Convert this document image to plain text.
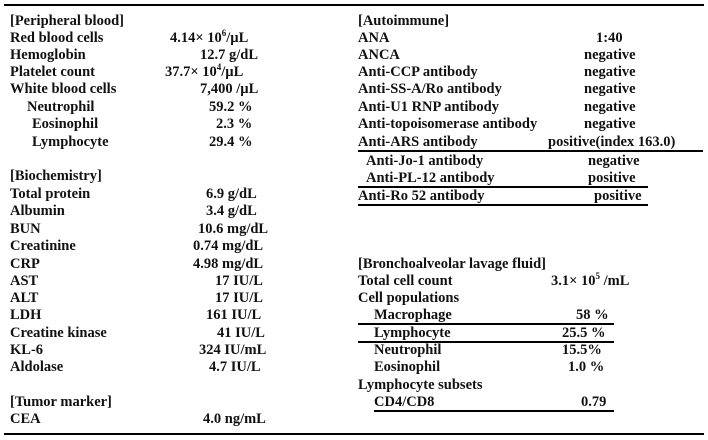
[Peripheral blood]
Red blood cells	$4.14\times 10^6/\mu L$
Hemoglobin	12.7 g/dL
Platelet count	$37.7\times 10^4/\mu L$
White blood cells	7,400 /µL
Neutrophil	59.2 %
Eosinophil	2.3 %
Lymphocyte	29.4 %
[Biochemistry]
Total protein	6.9 g/dL
Albumin	3.4 g/dL
BUN	10.6 mg/dL
Creatinine	0.74 mg/dL
CRP	4.98 mg/dL
AST	17 IU/L
ALT	17 IU/L
LDH	161 IU/L
Creatine kinase	41 IU/L
KL-6	324 IU/mL
Aldolase	4.7 IU/L
[Tumor marker]
CEA	4.0 ng/mL
[Autoimmune]
ANA	1:40
ANCA	negative
Anti-CCP antibody	negative
Anti-SS-A/Ro antibody	negative
Anti-U1 RNP antibody	negative
Anti-topoisomerase antibody	negative
Anti-ARS antibody	positive(index 163.0)
Anti-Jo-1 antibody	negative
Anti-PL-12 antibody	positive
Anti-Ro 52 antibody	positive
[Bronchoalveolar lavage fluid]
Total cell count	$3.1\times 10^5$ /mL
Cell populations
Macrophage	58 %
Lymphocyte	25.5 %
Neutrophil	15.5%
Eosinophil	1.0 %
Lymphocyte subsets
CD4/CD8	0.79
